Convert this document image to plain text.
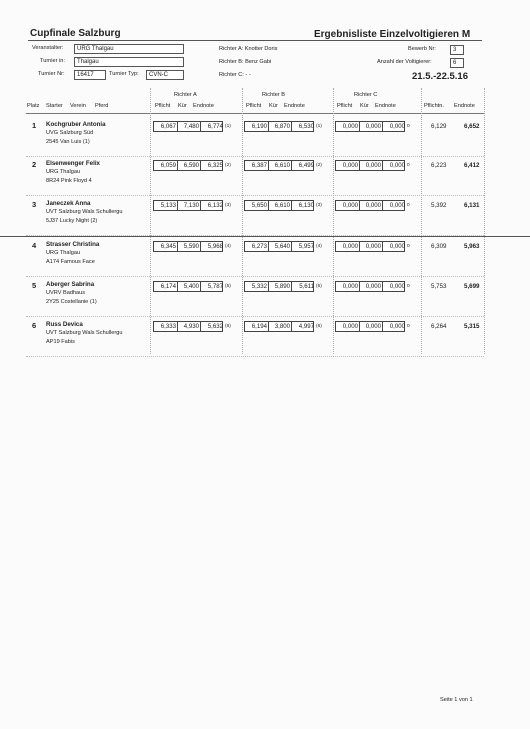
Cupfinale Salzburg	Ergebnisliste Einzelvoltigieren M
Veranstalter:	URG Thalgau
Turnier in:	Thalgau
Turnier Nr:	16417	Turnier Typ:	CVN-C
Richter A: Knotter Doris
Richter B: Benz Gabi
Richter C: - -
Bewerb Nr:	3
Anzahl der Voltigierer:	6
21.5.-22.5.16
Richter A	Richter B	Richter C
Platz Starter Verein Pferd	Pflicht Kür Endnote	Pflicht Kür Endnote	Pflicht Kür Endnote	Pflichtn. Endnote
1 Kochgruber Antonia
UVG Salzburg Süd
2545 Van Luis (1)
6,067	7,480	6,774 (1)	6,190	6,870	6,530 (1)	0,000	0,000	0,000 0	6,129	6,652
2 Elsenwenger Felix
URG Thalgau
8R24 Pink Floyd 4
6,059	6,590	6,325 (2)	6,387	6,610	6,499 (2)	0,000	0,000	0,000 0	6,223	6,412
3 Janeczek Anna
UVT Salzburg Wals Schullergu
5J37 Lucky Night (2)
5,133	7,130	6,132 (3)	5,650	6,610	6,130 (3)	0,000	0,000	0,000 0	5,392	6,131
4 Strasser Christina
URG Thalgau
A174 Famous Face
6,345	5,590	5,968 (4)	6,273	5,640	5,957 (4)	0,000	0,000	0,000 0	6,309	5,963
5 Aberger Sabrina
UVRV Badhaus
2Y25 Costellanie (1)
6,174	5,400	5,787 (5)	5,332	5,890	5,611 (5)	0,000	0,000	0,000 0	5,753	5,699
6 Russ Devica
UVT Salzburg Wals Schullergu
AP19 Fabis
6,333	4,930	5,632 (6)	6,194	3,800	4,997 (6)	0,000	0,000	0,000 0	6,264	5,315
Seite 1 von 1
